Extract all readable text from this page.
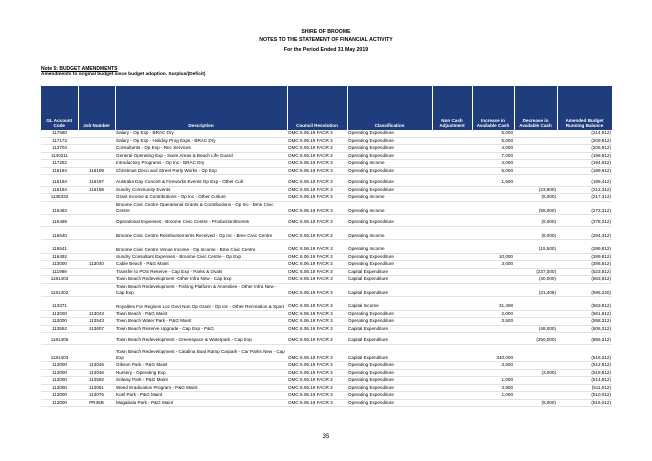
SHIRE OF BROOME
NOTES TO THE STATEMENT OF FINANCIAL ACTIVITY
For the Period Ended 31 May 2019
Note 5: BUDGET AMENDMENTS
Amendments to original budget since budget adoption. Surplus/(Deficit)
GL Account Code	Job Number	Description	Council Resolution	Classification	Non Cash Adjustment	Increase in Available Cash	Decrease in Available Cash	Amended Budget Running Balance
117560		Salary - Op Exp - BRAC Dry	OMC 6.06.19 FACR 3	Operating Expenditure		5,000		(214,912)
117173		Salary - Op Exp - Holiday Prog Exps - BRAC Dry	OMC 6.06.19 FACR 3	Operating Expenditure		5,000		(209,912)
113704		Consultants - Op Exp - Rec Services	OMC 6.06.19 FACR 3	Operating Expenditure		4,000		(205,912)
1140211		General Operating Exp - Swim Areas & Beach Life Guard	OMC 6.06.19 FACR 3	Operating Expenditure		7,000		(198,912)
117252		Introductory Programs - Op Inc - BRAC Dry	OMC 6.06.19 FACR 3	Operating Income		4,000		(194,912)
116184	116199	Christmas Deco and Street Party Works - Op Exp	OMC 6.06.19 FACR 3	Operating Expenditure		5,000		(189,912)

116184	116197	Australia Day Concert & Fireworks Events Op Exp - Other Cult	OMC 6.06.19 FACR 3	Operating Expenditure		1,500		(188,412)
116184	116198	Sundry Community Events	OMC 6.06.19 FACR 3	Operating Expenditure			(23,900)	(212,312)
1138332		Grant Income & Contributions - Op Inc - Other Culture	OMC 6.06.19 FACR 3	Operating Income			(5,000)	(217,312)
116483		Broome Civic Centre Operational Grants & Contributions - Op Inc - Bme Civic Centre	OMC 6.06.19 FACR 3	Operating Income			(55,000)	(272,312)

116489		Operational Expenses - Broome Civic Centre - Production/Events	OMC 6.06.19 FACR 3	Operating Expenditure			(6,000)	(278,312)
116540		Broome Civic Centre Reimbursements Received - Op Inc - Bme Civic Centre	OMC 6.06.19 FACR 3	Operating Income			(6,000)	(284,312)
116541		Broome Civic Centre Venue Income - Op Income - Bme Civic Centre	OMC 6.06.19 FACR 3	Operating Income			(15,500)	(299,812)
116492		Sundry Consultant Expenses - Broome Civic Centre - Op Exp	OMC 6.06.19 FACR 3	Operating Expenditure		10,000		(289,812)
113000	113040	Cable Beach - P&G Maint	OMC 6.06.19 FACR 3	Operating Expenditure		3,000		(286,812)
111989		Transfer to POS Reserve - Cap Exp - Parks & Ovals	OMC 6.06.19 FACR 3	Capital Expenditure			(237,000)	(523,812)
1181403		Town Beach Redevelopment -Other Infra New - Cap Exp	OMC 6.06.19 FACR 3	Capital Expenditure			(40,000)	(563,812)
1181402		Town Beach Redevelopment - Fishing Platform & Amenities - Other Infra New - Cap Exp	OMC 6.06.19 FACR 3	Capital Expenditure			(31,408)	(595,220)
113371		Royalties For Regions Loc Govt Non Op Grant - Op Inc - Other Recreation & Sport	OMC 6.06.19 FACR 3	Capital Income		31,408		(563,812)
113000	113043	Town Beach - P&G Maint	OMC 6.06.19 FACR 3	Operating Expenditure		2,000		(561,812)
113000	113543	Town Beach Water Park - P&G Maint	OMC 6.06.19 FACR 3	Operating Expenditure		3,500		(558,312)
113552	113607	Town Beach Reserve Upgrade - Cap Exp - P&G	OMC 6.06.19 FACR 3	Capital Expenditure			(48,000)	(606,312)

1181405		Town Beach Redevelopment - Greenspace & Waterpark - Cap Exp	OMC 6.06.19 FACR 3	Capital Expenditure			(250,000)	(856,312)

1181403		Town Beach Redevelopment - Catalina Boat Ramp Carpark - Car Parks New - Cap Exp	OMC 6.06.19 FACR 3	Capital Expenditure		340,000		(516,312)
113000	113045	Gibson Park - P&G Maint	OMC 6.06.19 FACR 3	Operating Expenditure		3,500		(512,812)
113000	113046	Nursery - Operating Exp	OMC 6.06.19 FACR 3	Operating Expenditure			(3,000)	(515,812)
113000	113582	Solway Park - P&G Maint	OMC 6.06.19 FACR 3	Operating Expenditure		1,000		(514,812)
113000	113051	Weed Eradication Program - P&G Maint	OMC 6.06.19 FACR 3	Operating Expenditure		3,800		(511,012)
113000	113076	Koel Park - P&G Maint	OMC 6.06.19 FACR 3	Operating Expenditure		1,000		(510,012)
113000	PR36B	Magabala Park - P&G Maint	OMC 6.06.19 FACR 3	Operating Expenditure			(5,000)	(515,012)
35
